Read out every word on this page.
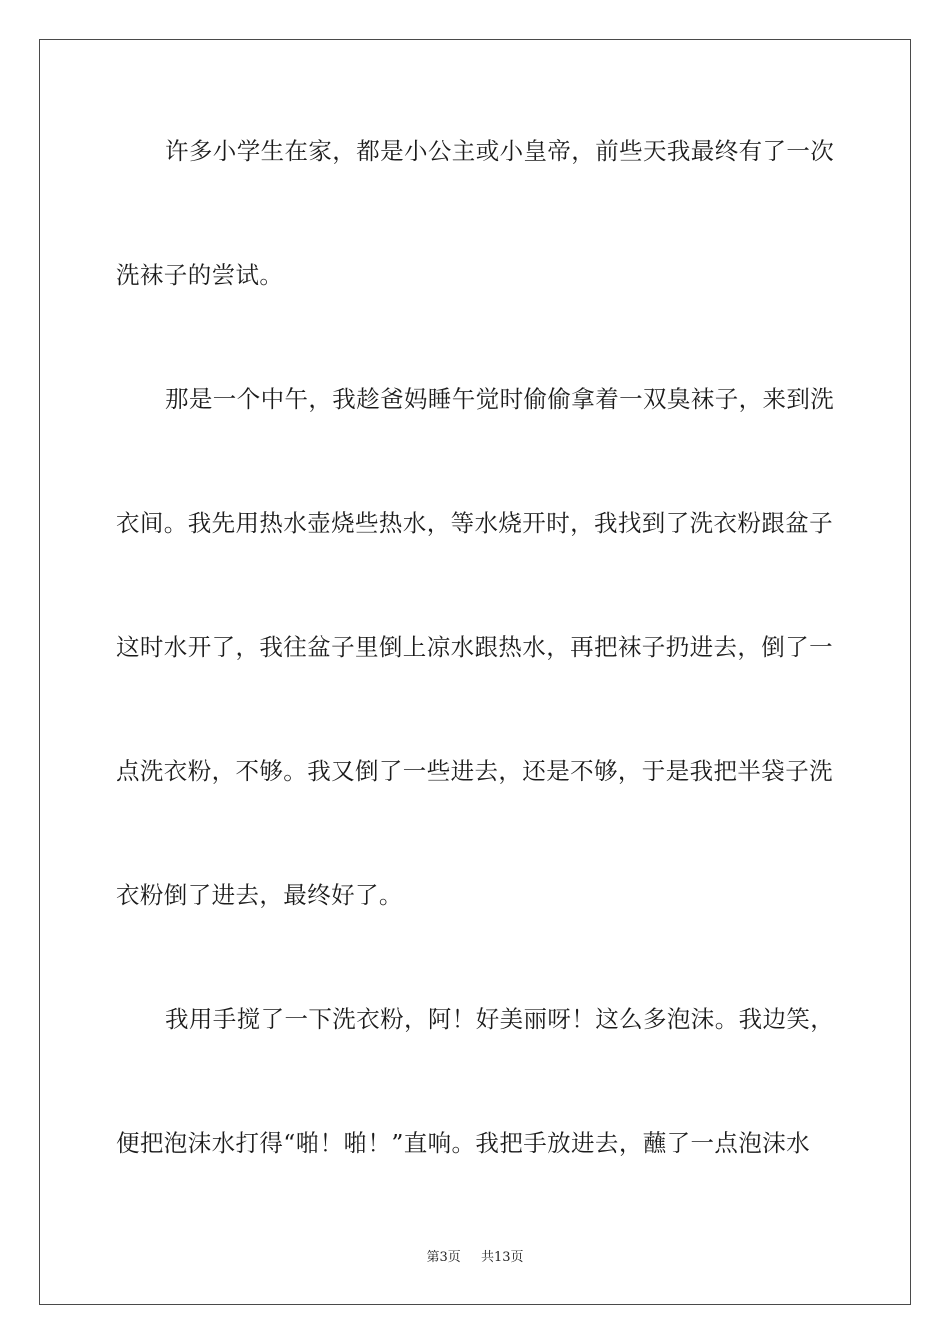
许多小学生在家，都是小公主或小皇帝，前些天我最终有了一次
洗袜子的尝试。
那是一个中午，我趁爸妈睡午觉时偷偷拿着一双臭袜子，来到洗
衣间。我先用热水壶烧些热水，等水烧开时，我找到了洗衣粉跟盆子
这时水开了，我往盆子里倒上凉水跟热水，再把袜子扔进去，倒了一
点洗衣粉，不够。我又倒了一些进去，还是不够，于是我把半袋子洗
衣粉倒了进去，最终好了。
我用手搅了一下洗衣粉，阿！好美丽呀！这么多泡沫。我边笑，
便把泡沫水打得“啪！啪！”直响。我把手放进去，蘸了一点泡沫水
第3页 共13页
